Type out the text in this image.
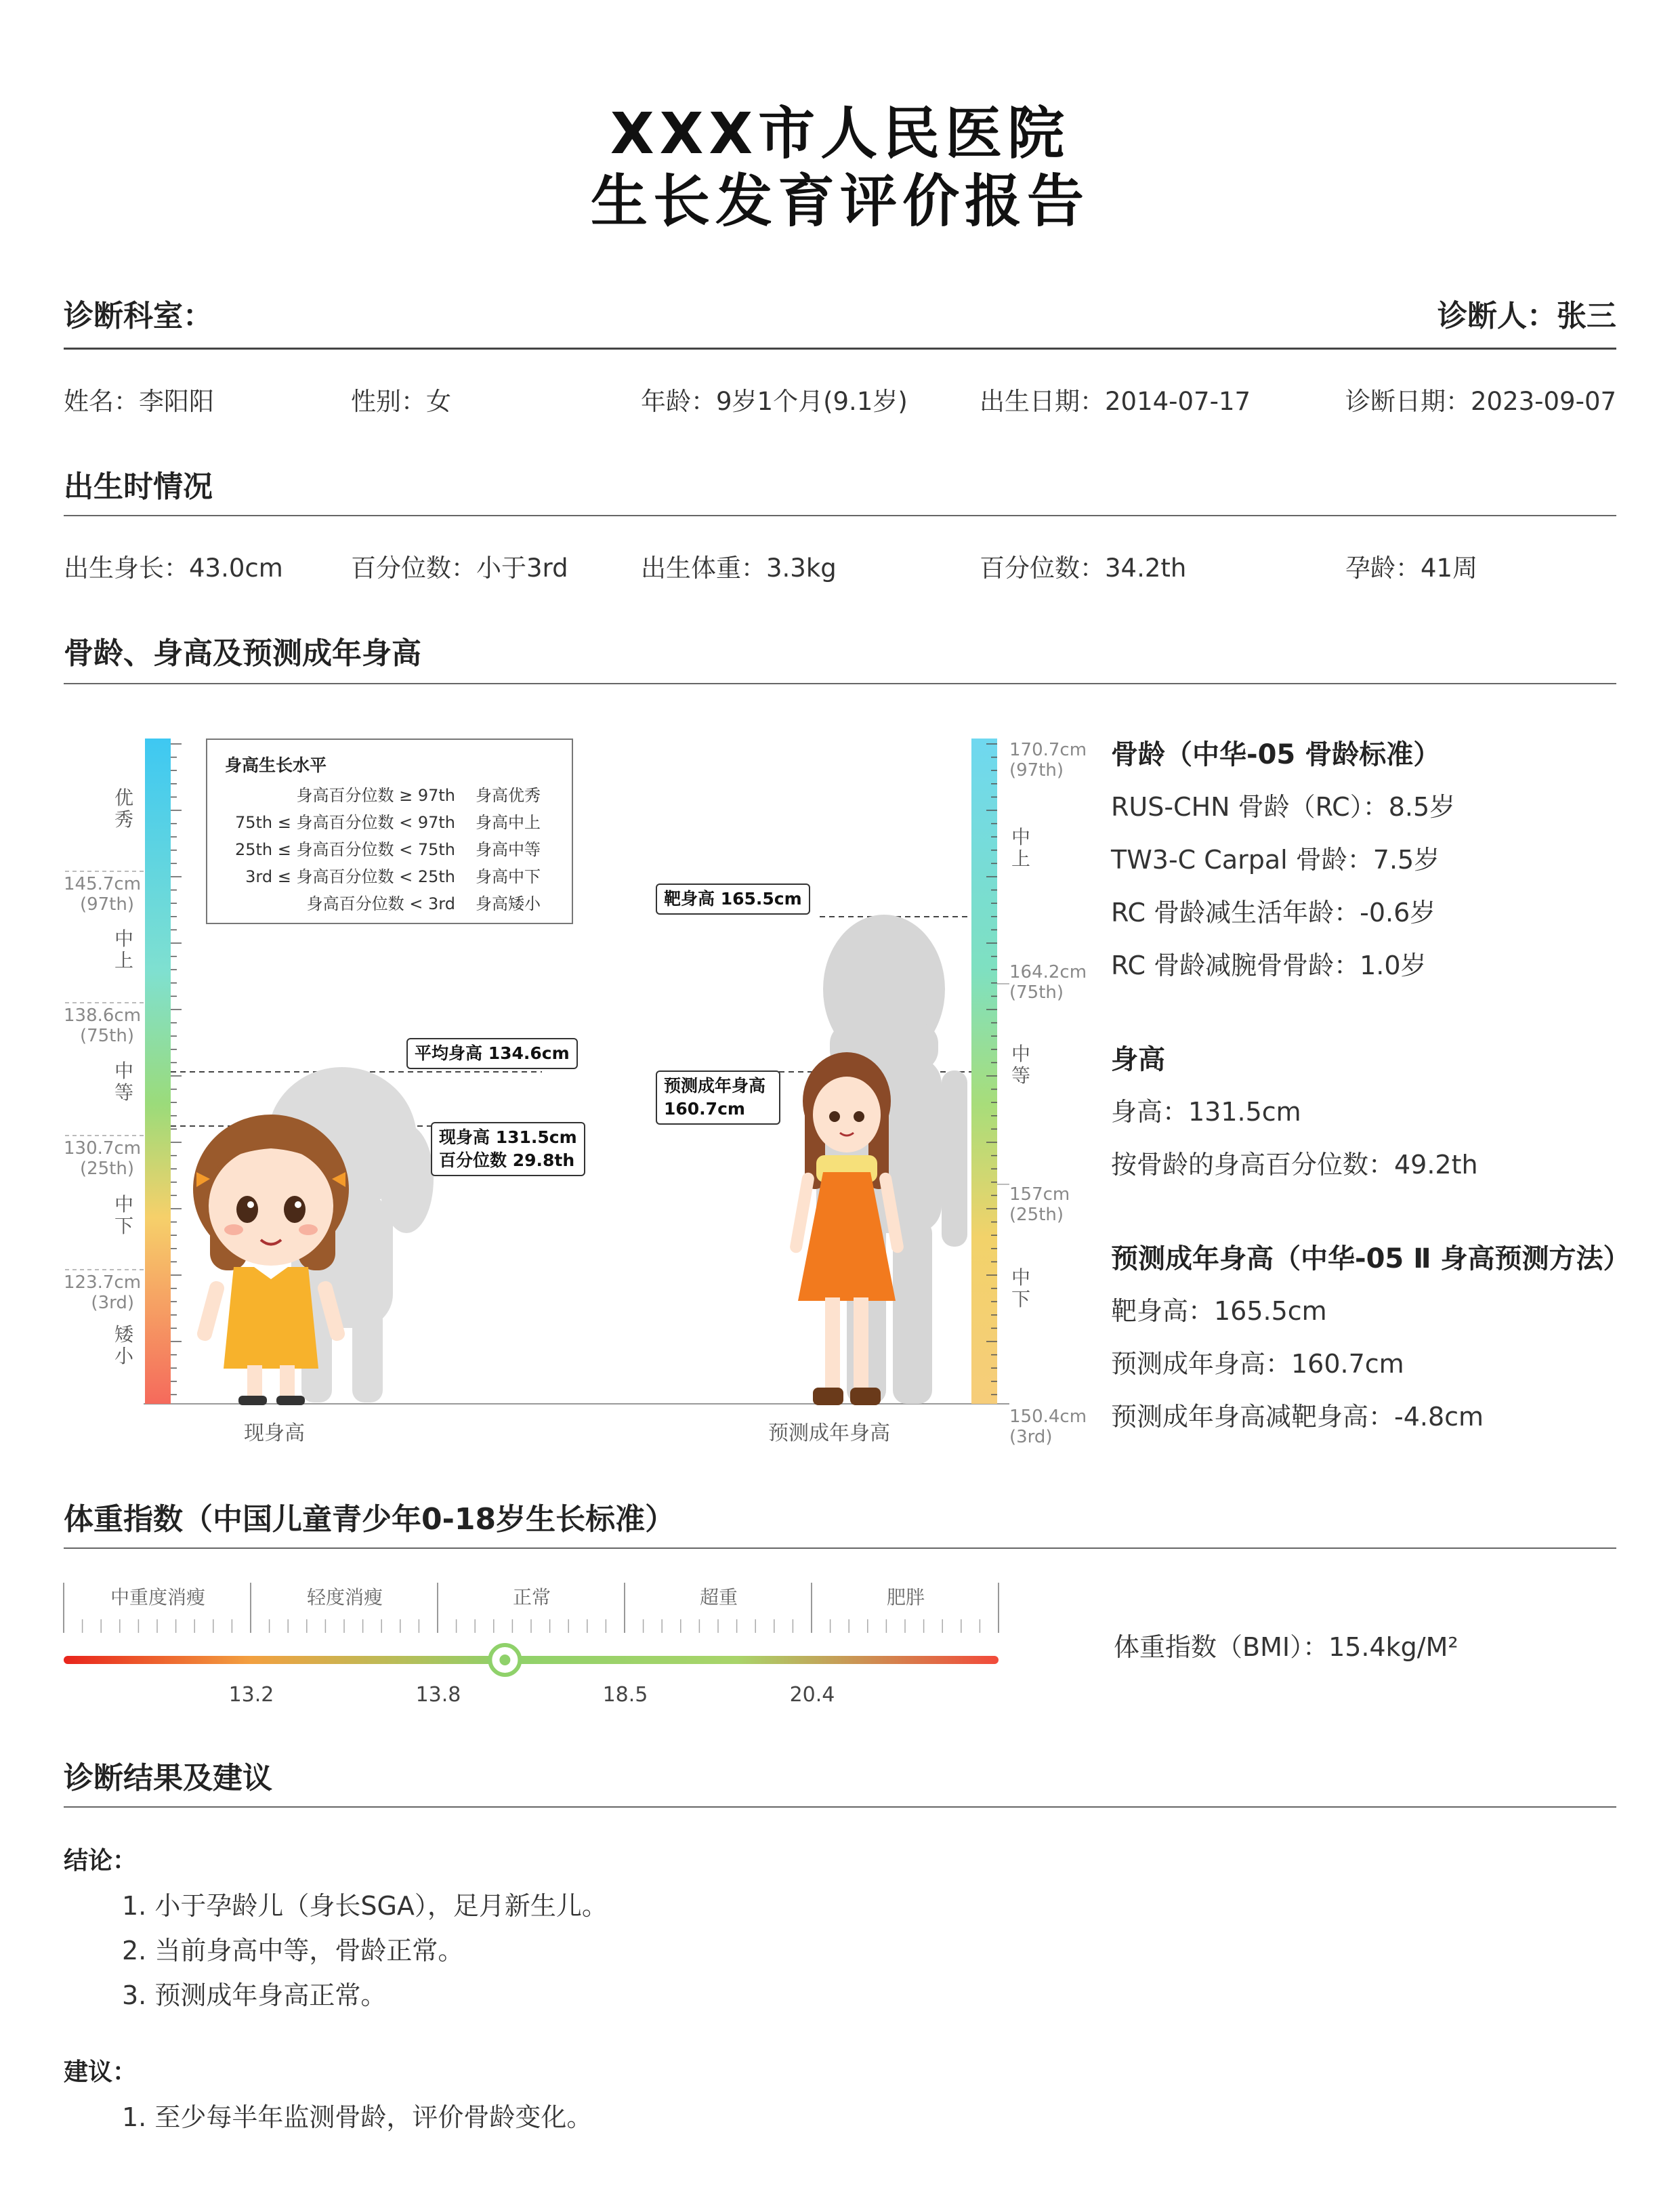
XXX市人民医院
生长发育评价报告
诊断科室：	诊断人：张三
姓名：李阳阳	性别：女	年龄：9岁1个月(9.1岁)	出生日期：2014-07-17	诊断日期：2023-09-07
出生时情况
出生身长：43.0cm	百分位数：小于3rd	出生体重：3.3kg	百分位数：34.2th	孕龄：41周
骨龄、身高及预测成年身高
优秀
中上
中等
中下
矮小
145.7cm
(97th)
138.6cm
(75th)
130.7cm
(25th)
123.7cm
(3rd)
现身高
170.7cm
(97th)
164.2cm
(75th)
157cm
(25th)
150.4cm
(3rd)
中上
中等
中下
预测成年身高
身高生长水平
身高百分位数 ≥ 97th 身高优秀
75th ≤ 身高百分位数 < 97th 身高中上
25th ≤ 身高百分位数 < 75th 身高中等
3rd ≤ 身高百分位数 < 25th 身高中下
身高百分位数 < 3rd 身高矮小
平均身高 134.6cm
现身高 131.5cm
百分位数 29.8th
靶身高 165.5cm
预测成年身高
160.7cm
骨龄（中华-05 骨龄标准）
RUS-CHN 骨龄（RC）：8.5岁
TW3-C Carpal 骨龄：7.5岁
RC 骨龄减生活年龄：-0.6岁
RC 骨龄减腕骨骨龄：1.0岁
身高
身高：131.5cm
按骨龄的身高百分位数：49.2th
预测成年身高（中华-05 Ⅱ 身高预测方法）
靶身高：165.5cm
预测成年身高：160.7cm
预测成年身高减靶身高：-4.8cm
体重指数（中国儿童青少年0-18岁生长标准）
中重度消瘦	轻度消瘦	正常	超重	肥胖
13.2	13.8	18.5	20.4
体重指数（BMI）：15.4kg/M²
诊断结果及建议
结论：
1. 小于孕龄儿（身长SGA），足月新生儿。
2. 当前身高中等，骨龄正常。
3. 预测成年身高正常。
建议：
1. 至少每半年监测骨龄，评价骨龄变化。
